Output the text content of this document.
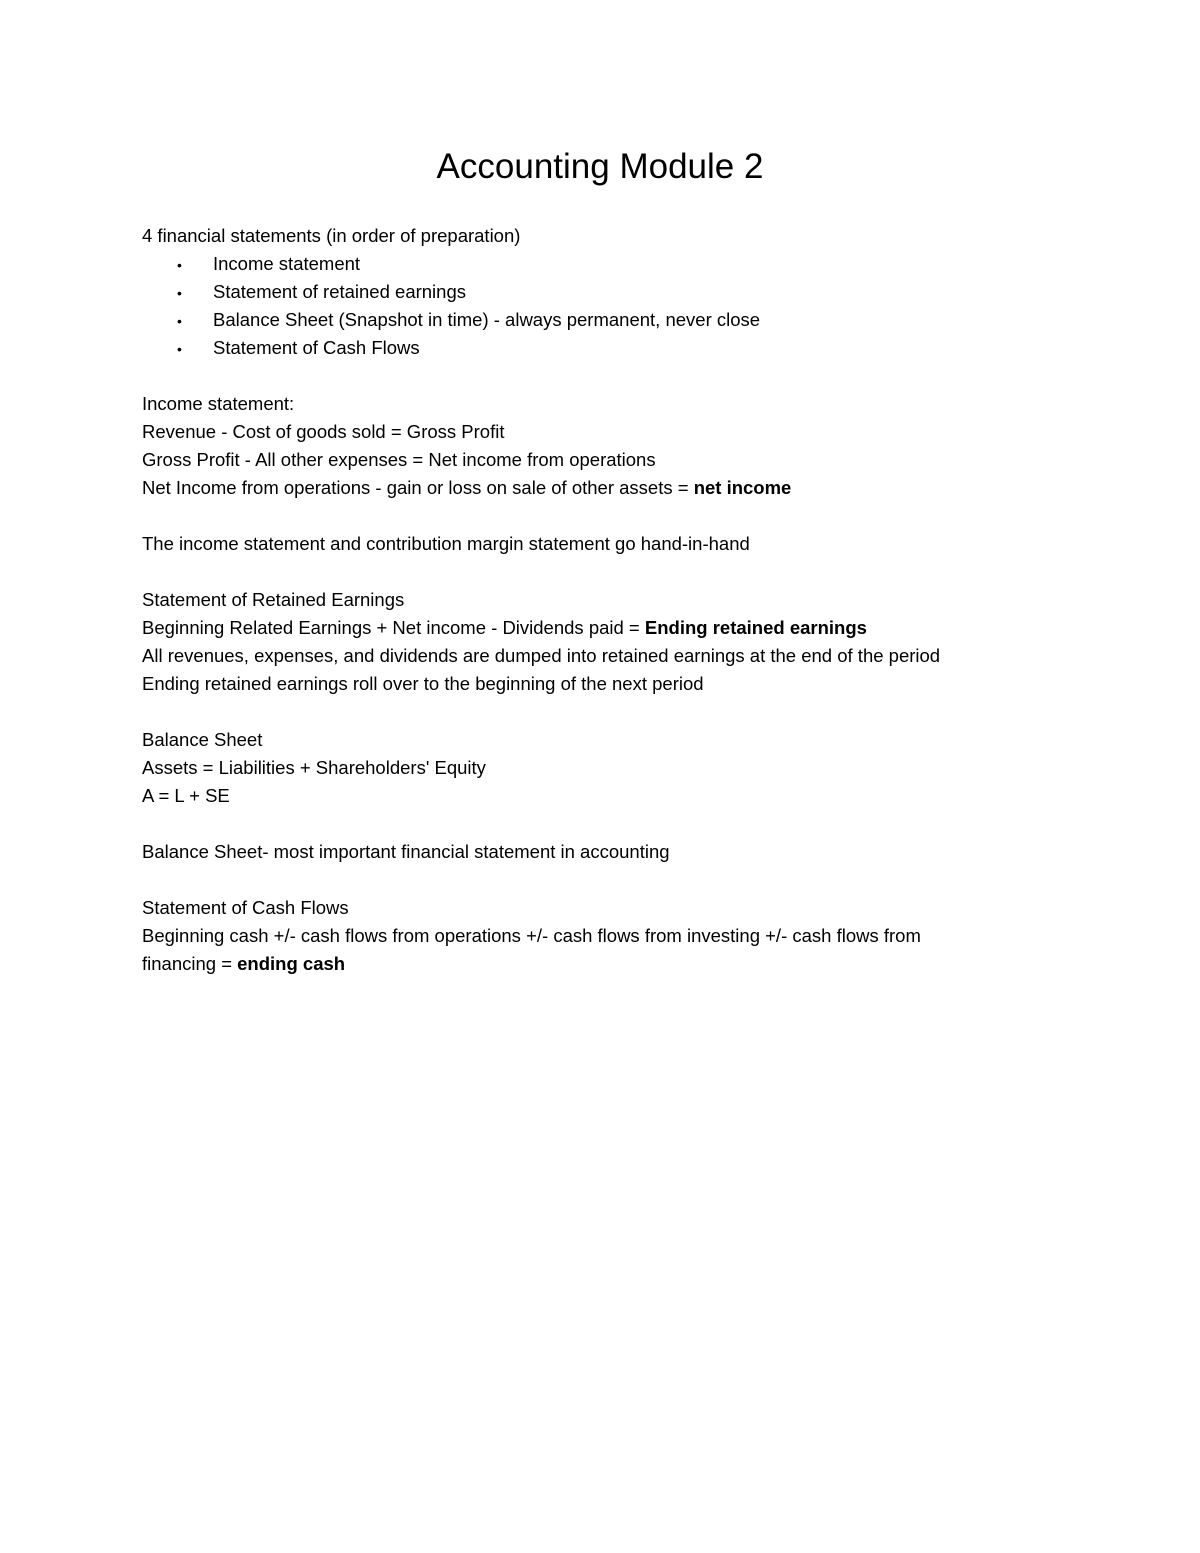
Accounting Module 2
4 financial statements (in order of preparation)
•	Income statement
•	Statement of retained earnings
•	Balance Sheet (Snapshot in time) - always permanent, never close
•	Statement of Cash Flows
Income statement:
Revenue - Cost of goods sold = Gross Profit
Gross Profit - All other expenses = Net income from operations
Net Income from operations - gain or loss on sale of other assets = net income
The income statement and contribution margin statement go hand-in-hand
Statement of Retained Earnings
Beginning Related Earnings + Net income - Dividends paid = Ending retained earnings
All revenues, expenses, and dividends are dumped into retained earnings at the end of the period
Ending retained earnings roll over to the beginning of the next period
Balance Sheet
Assets = Liabilities + Shareholders' Equity
A = L + SE
Balance Sheet- most important financial statement in accounting
Statement of Cash Flows
Beginning cash +/- cash flows from operations +/- cash flows from investing +/- cash flows from
financing = ending cash
